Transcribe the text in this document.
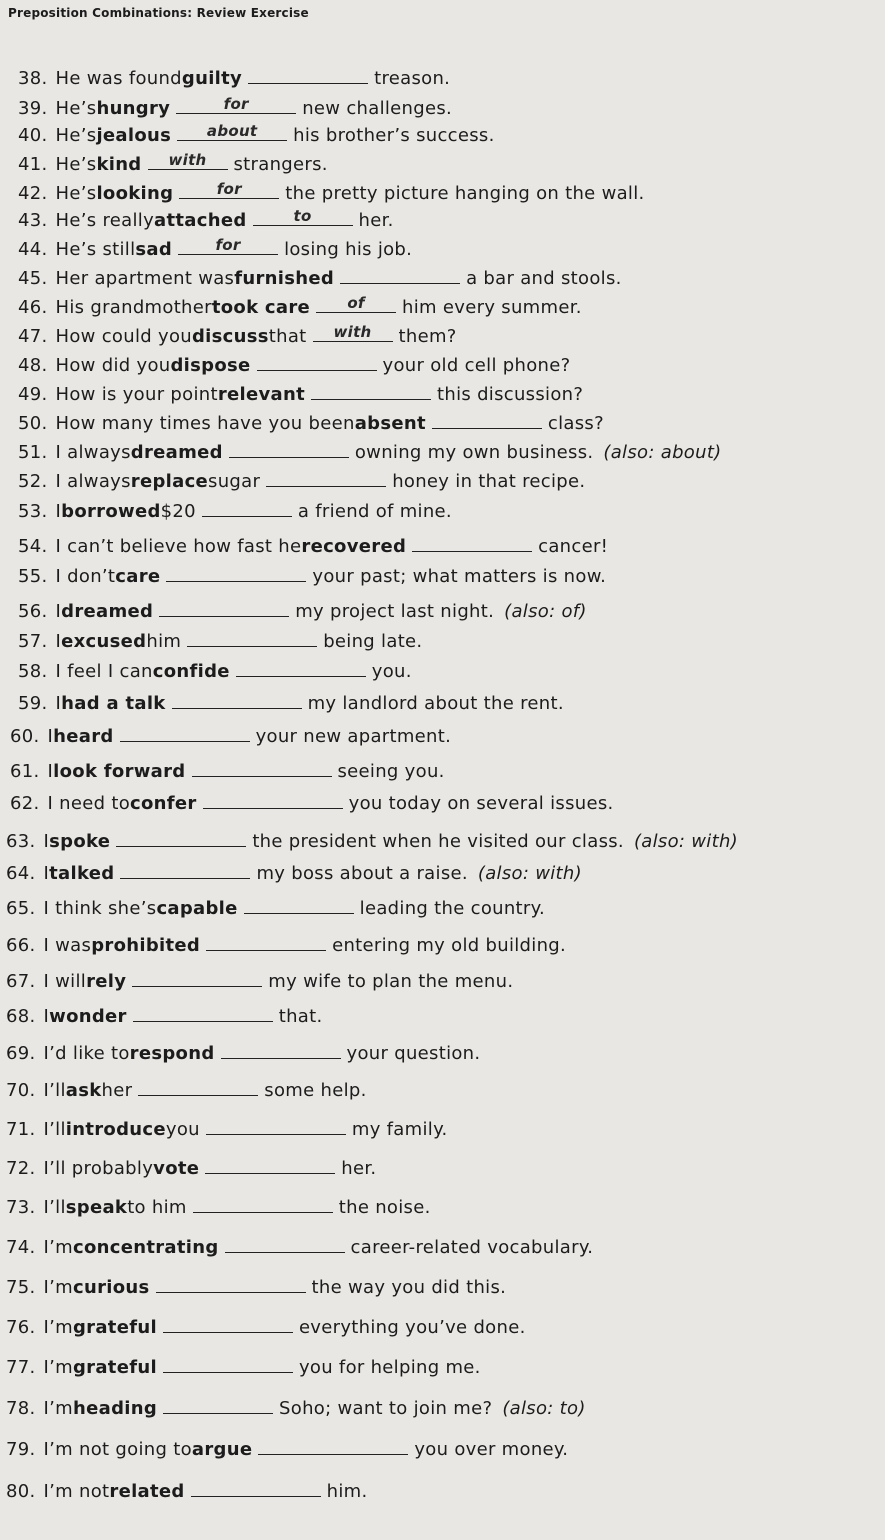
Preposition Combinations: Review Exercise
38. He was found guilty	treason.
39. He’s hungry	for	new challenges.
40. He’s jealous	about	his brother’s success.
41. He’s kind	with	strangers.
42. He’s looking	for	the pretty picture hanging on the wall.
43. He’s really attached	to	her.
44. He’s still sad	for	losing his job.
45. Her apartment was furnished	a bar and stools.
46. His grandmother took care	of	him every summer.
47. How could you discuss that	with	them?
48. How did you dispose	your old cell phone?
49. How is your point relevant	this discussion?
50. How many times have you been absent	class?
51. I always dreamed	owning my own business. (also: about)
52. I always replace sugar	honey in that recipe.
53. I borrowed $20	a friend of mine.
54. I can’t believe how fast he recovered	cancer!
55. I don’t care	your past; what matters is now.
56. I dreamed	my project last night. (also: of)
57. I excused him	being late.
58. I feel I can confide	you.
59. I had a talk	my landlord about the rent.
60. I heard	your new apartment.
61. I look forward	seeing you.
62. I need to confer	you today on several issues.
63. I spoke	the president when he visited our class. (also: with)
64. I talked	my boss about a raise. (also: with)
65. I think she’s capable	leading the country.
66. I was prohibited	entering my old building.
67. I will rely	my wife to plan the menu.
68. I wonder	that.
69. I’d like to respond	your question.
70. I’ll ask her	some help.
71. I’ll introduce you	my family.
72. I’ll probably vote	her.
73. I’ll speak to him	the noise.
74. I’m concentrating	career-related vocabulary.
75. I’m curious	the way you did this.
76. I’m grateful	everything you’ve done.
77. I’m grateful	you for helping me.
78. I’m heading	Soho; want to join me? (also: to)
79. I’m not going to argue	you over money.
80. I’m not related	him.
